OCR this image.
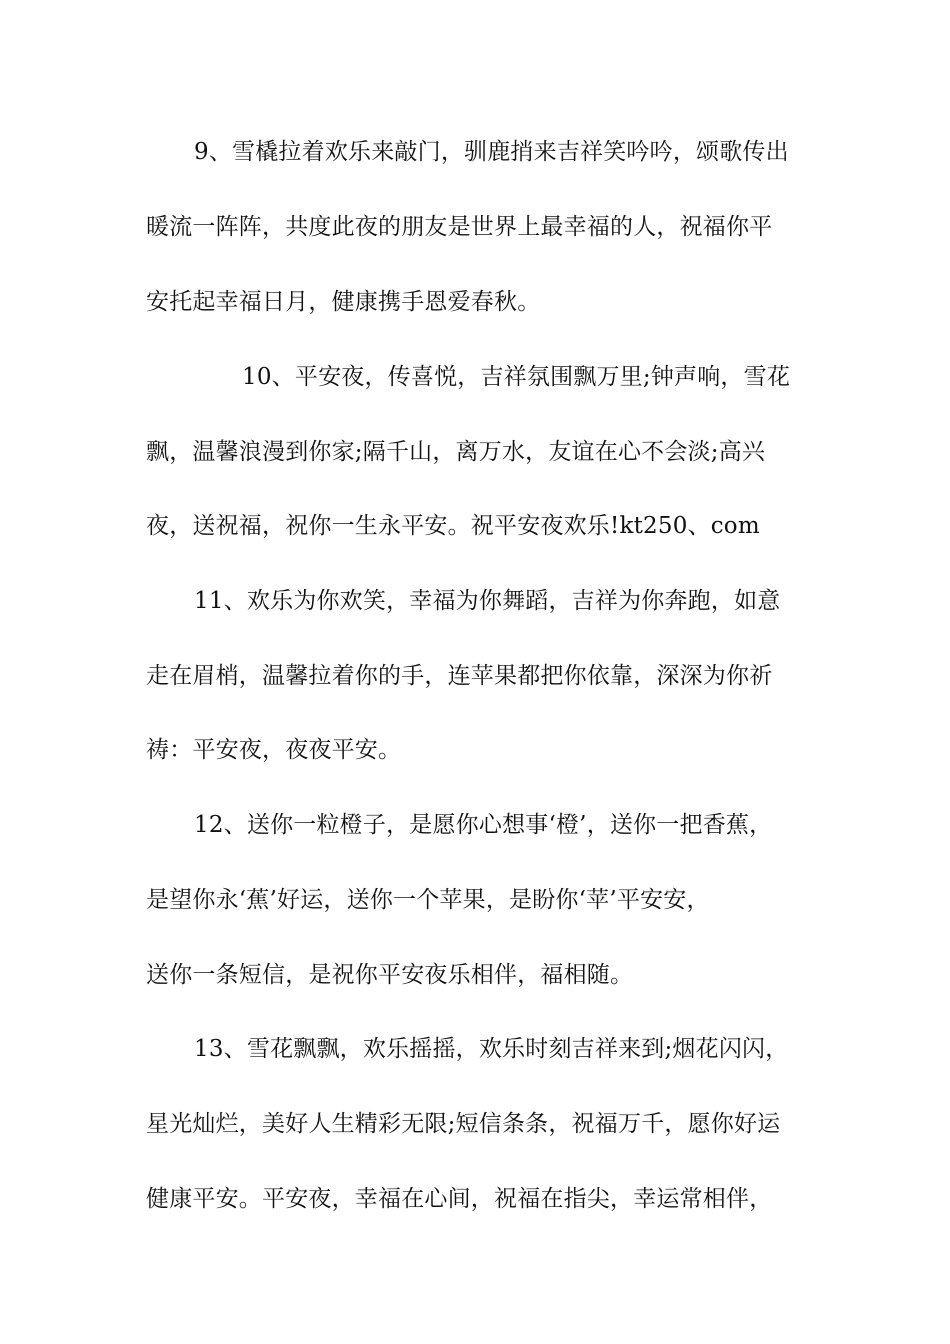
9、雪橇拉着欢乐来敲门，驯鹿捎来吉祥笑吟吟，颂歌传出
暖流一阵阵，共度此夜的朋友是世界上最幸福的人，祝福你平
安托起幸福日月，健康携手恩爱春秋。
10、平安夜，传喜悦，吉祥氛围飘万里;钟声响，雪花
飘，温馨浪漫到你家;隔千山，离万水，友谊在心不会淡;高兴
夜，送祝福，祝你一生永平安。祝平安夜欢乐!kt250、com
11、欢乐为你欢笑，幸福为你舞蹈，吉祥为你奔跑，如意
走在眉梢，温馨拉着你的手，连苹果都把你依靠，深深为你祈
祷：平安夜，夜夜平安。
12、送你一粒橙子，是愿你心想事‘橙’，送你一把香蕉，
是望你永‘蕉’好运，送你一个苹果，是盼你‘苹’平安安，
送你一条短信，是祝你平安夜乐相伴，福相随。
13、雪花飘飘，欢乐摇摇，欢乐时刻吉祥来到;烟花闪闪，
星光灿烂，美好人生精彩无限;短信条条，祝福万千，愿你好运
健康平安。平安夜，幸福在心间，祝福在指尖，幸运常相伴，
